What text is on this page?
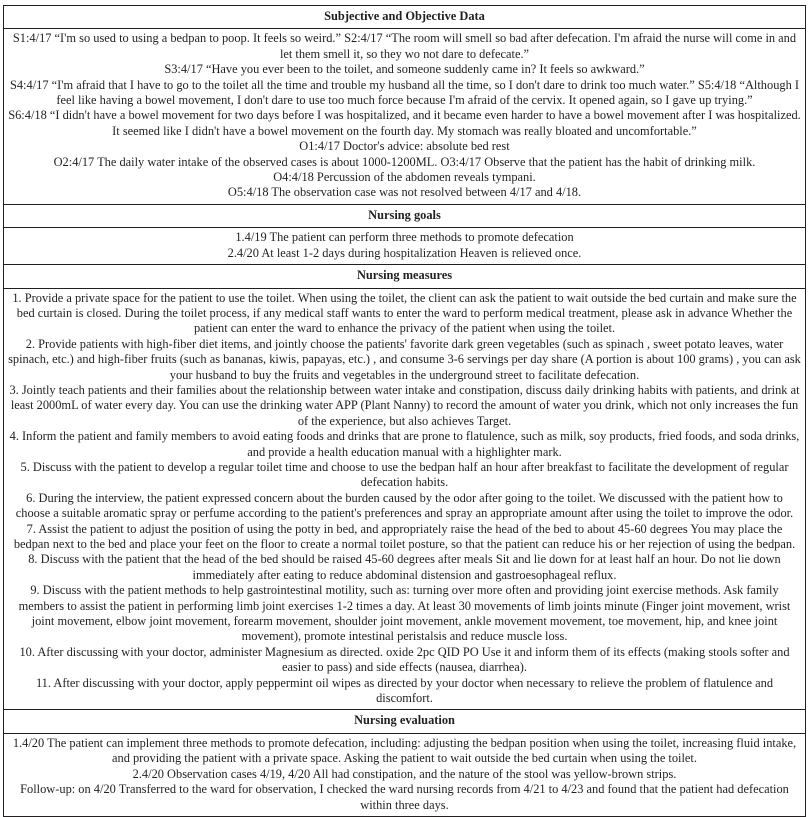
Subjective and Objective Data

S1:4/17 “I'm so used to using a bedpan to poop. It feels so weird.” S2:4/17 “The room will smell so bad after defecation. I'm afraid the nurse will come in and let them smell it, so they wo not dare to defecate.”

S3:4/17 “Have you ever been to the toilet, and someone suddenly came in? It feels so awkward.”

S4:4/17 “I'm afraid that I have to go to the toilet all the time and trouble my husband all the time, so I don't dare to drink too much water.” S5:4/18 “Although I feel like having a bowel movement, I don't dare to use too much force because I'm afraid of the cervix. It opened again, so I gave up trying.”

S6:4/18 “I didn't have a bowel movement for two days before I was hospitalized, and it became even harder to have a bowel movement after I was hospitalized. It seemed like I didn't have a bowel movement on the fourth day. My stomach was really bloated and uncomfortable.”

O1:4/17 Doctor's advice: absolute bed rest

O2:4/17 The daily water intake of the observed cases is about 1000-1200ML. O3:4/17 Observe that the patient has the habit of drinking milk.

O4:4/18 Percussion of the abdomen reveals tympani.

O5:4/18 The observation case was not resolved between 4/17 and 4/18.

Nursing goals

1.4/19 The patient can perform three methods to promote defecation

2.4/20 At least 1-2 days during hospitalization Heaven is relieved once.

Nursing measures

1. Provide a private space for the patient to use the toilet. When using the toilet, the client can ask the patient to wait outside the bed curtain and make sure the bed curtain is closed. During the toilet process, if any medical staff wants to enter the ward to perform medical treatment, please ask in advance Whether the patient can enter the ward to enhance the privacy of the patient when using the toilet.

2. Provide patients with high-fiber diet items, and jointly choose the patients' favorite dark green vegetables (such as spinach , sweet potato leaves, water spinach, etc.) and high-fiber fruits (such as bananas, kiwis, papayas, etc.) , and consume 3-6 servings per day share (A portion is about 100 grams) , you can ask your husband to buy the fruits and vegetables in the underground street to facilitate defecation.

3. Jointly teach patients and their families about the relationship between water intake and constipation, discuss daily drinking habits with patients, and drink at least 2000mL of water every day. You can use the drinking water APP (Plant Nanny) to record the amount of water you drink, which not only increases the fun of the experience, but also achieves Target.

4. Inform the patient and family members to avoid eating foods and drinks that are prone to flatulence, such as milk, soy products, fried foods, and soda drinks, and provide a health education manual with a highlighter mark.

5. Discuss with the patient to develop a regular toilet time and choose to use the bedpan half an hour after breakfast to facilitate the development of regular defecation habits.

6. During the interview, the patient expressed concern about the burden caused by the odor after going to the toilet. We discussed with the patient how to choose a suitable aromatic spray or perfume according to the patient's preferences and spray an appropriate amount after using the toilet to improve the odor.

7. Assist the patient to adjust the position of using the potty in bed, and appropriately raise the head of the bed to about 45-60 degrees You may place the bedpan next to the bed and place your feet on the floor to create a normal toilet posture, so that the patient can reduce his or her rejection of using the bedpan. 8. Discuss with the patient that the head of the bed should be raised 45-60 degrees after meals Sit and lie down for at least half an hour. Do not lie down immediately after eating to reduce abdominal distension and gastroesophageal reflux.

9. Discuss with the patient methods to help gastrointestinal motility, such as: turning over more often and providing joint exercise methods. Ask family members to assist the patient in performing limb joint exercises 1-2 times a day. At least 30 movements of limb joints minute (Finger joint movement, wrist joint movement, elbow joint movement, forearm movement, shoulder joint movement, ankle movement movement, toe movement, hip, and knee joint movement), promote intestinal peristalsis and reduce muscle loss.

10. After discussing with your doctor, administer Magnesium as directed. oxide 2pc QID PO Use it and inform them of its effects (making stools softer and easier to pass) and side effects (nausea, diarrhea).

11. After discussing with your doctor, apply peppermint oil wipes as directed by your doctor when necessary to relieve the problem of flatulence and discomfort.

Nursing evaluation

1.4/20 The patient can implement three methods to promote defecation, including: adjusting the bedpan position when using the toilet, increasing fluid intake, and providing the patient with a private space. Asking the patient to wait outside the bed curtain when using the toilet.

2.4/20 Observation cases 4/19, 4/20 All had constipation, and the nature of the stool was yellow-brown strips.

Follow-up: on 4/20 Transferred to the ward for observation, I checked the ward nursing records from 4/21 to 4/23 and found that the patient had defecation within three days.
